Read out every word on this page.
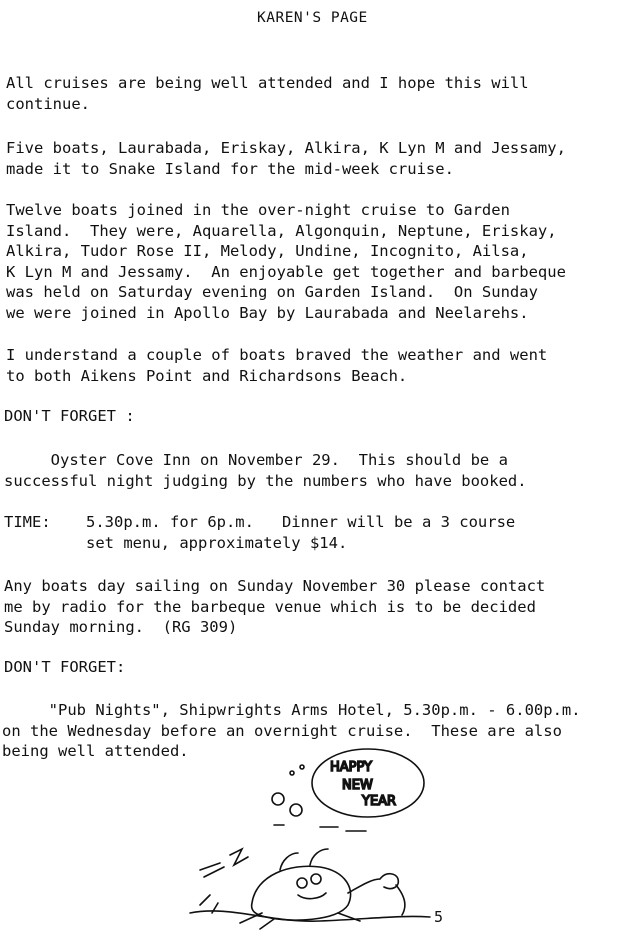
KAREN'S PAGE

All cruises are being well attended and I hope this will
continue.

Five boats, Laurabada, Eriskay, Alkira, K Lyn M and Jessamy,
made it to Snake Island for the mid-week cruise.

Twelve boats joined in the over-night cruise to Garden
Island.  They were, Aquarella, Algonquin, Neptune, Eriskay,
Alkira, Tudor Rose II, Melody, Undine, Incognito, Ailsa,
K Lyn M and Jessamy.  An enjoyable get together and barbeque
was held on Saturday evening on Garden Island.  On Sunday
we were joined in Apollo Bay by Laurabada and Neelarehs.

I understand a couple of boats braved the weather and went
to both Aikens Point and Richardsons Beach.

DON'T FORGET :

Oyster Cove Inn on November 29.  This should be a
successful night judging by the numbers who have booked.

TIME: 5.30p.m. for 6p.m.   Dinner will be a 3 course
set menu, approximately $14.

Any boats day sailing on Sunday November 30 please contact
me by radio for the barbeque venue which is to be decided
Sunday morning.  (RG 309)

DON'T FORGET:

"Pub Nights", Shipwrights Arms Hotel, 5.30p.m. - 6.00p.m.
on the Wednesday before an overnight cruise.  These are also
being well attended.

HAPPY
NEW
YEAR
5
